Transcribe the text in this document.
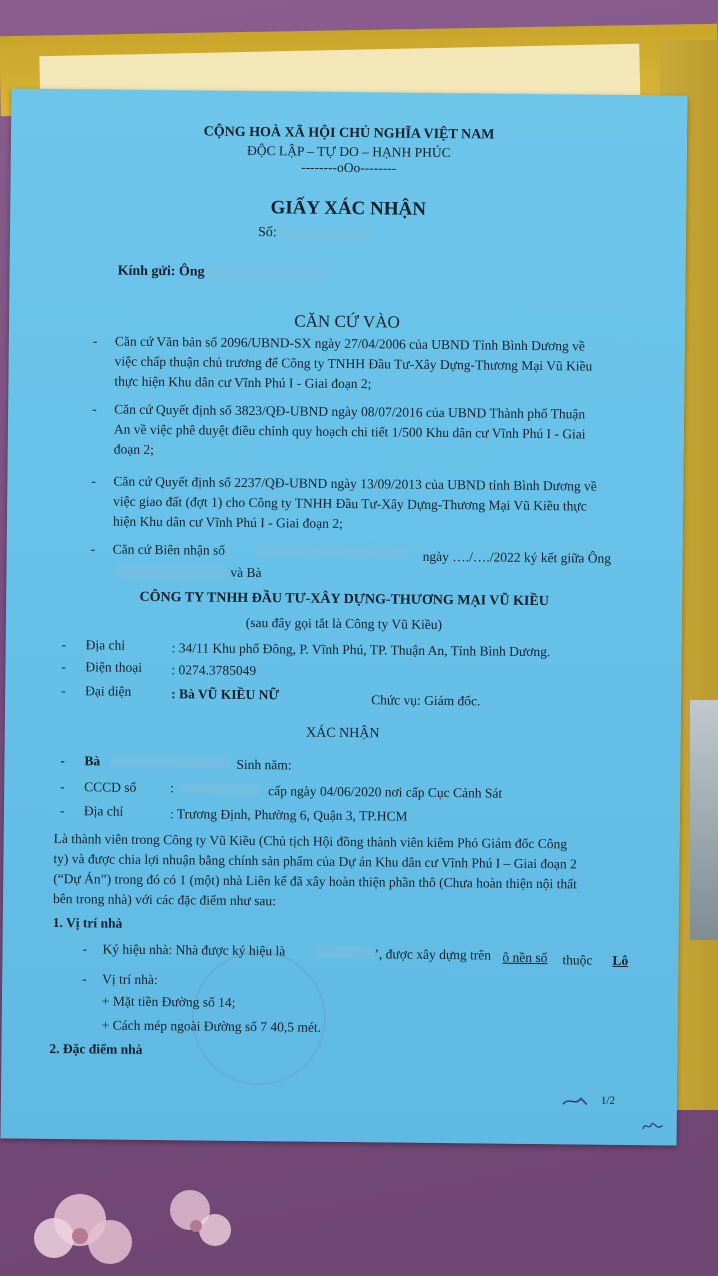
CỘNG HOÀ XÃ HỘI CHỦ NGHĨA VIỆT NAM
ĐỘC LẬP – TỰ DO – HẠNH PHÚC
--------oOo--------
GIẤY XÁC NHẬN
Số:
Kính gửi: Ông
CĂN CỨ VÀO
- Căn cứ Văn bản số 2096/UBND-SX ngày 27/04/2006 của UBND Tỉnh Bình Dương về
việc chấp thuận chủ trương để Công ty TNHH Đầu Tư-Xây Dựng-Thương Mại Vũ Kiều
thực hiện Khu dân cư Vĩnh Phú I - Giai đoạn 2;
- Căn cứ Quyết định số 3823/QĐ-UBND ngày 08/07/2016 của UBND Thành phố Thuận
An về việc phê duyệt điều chỉnh quy hoạch chi tiết 1/500 Khu dân cư Vĩnh Phú I - Giai
đoạn 2;
- Căn cứ Quyết định số 2237/QĐ-UBND ngày 13/09/2013 của UBND tỉnh Bình Dương về
việc giao đất (đợt 1) cho Công ty TNHH Đầu Tư-Xây Dựng-Thương Mại Vũ Kiều thực
hiện Khu dân cư Vĩnh Phú I - Giai đoạn 2;
- Căn cứ Biên nhận số	ngày …./…./2022 ký kết giữa Ông
và Bà
CÔNG TY TNHH ĐẦU TƯ-XÂY DỰNG-THƯƠNG MẠI VŨ KIỀU
(sau đây gọi tắt là Công ty Vũ Kiều)
- Địa chỉ	: 34/11 Khu phố Đông, P. Vĩnh Phú, TP. Thuận An, Tỉnh Bình Dương.
- Điện thoại : 0274.3785049
- Đại diện	: Bà VŨ KIỀU NỮ	Chức vụ: Giám đốc.
XÁC NHẬN
- Bà	Sinh năm:
- CCCD số :	cấp ngày 04/06/2020 nơi cấp Cục Cảnh Sát
- Địa chỉ	: Trương Định, Phường 6, Quận 3, TP.HCM
Là thành viên trong Công ty Vũ Kiều (Chủ tịch Hội đồng thành viên kiêm Phó Giám đốc Công
ty) và được chia lợi nhuận bằng chính sản phẩm của Dự án Khu dân cư Vĩnh Phú I – Giai đoạn 2
(“Dự Án”) trong đó có 1 (một) nhà Liên kế đã xây hoàn thiện phần thô (Chưa hoàn thiện nội thất
bên trong nhà) với các đặc điểm như sau:
1. Vị trí nhà
- Ký hiệu nhà: Nhà được ký hiệu là	’, được xây dựng trên ô nền số thuộc Lô
- Vị trí nhà:
+ Mặt tiền Đường số 14;
+ Cách mép ngoài Đường số 7 40,5 mét.
2. Đặc điểm nhà
1/2
